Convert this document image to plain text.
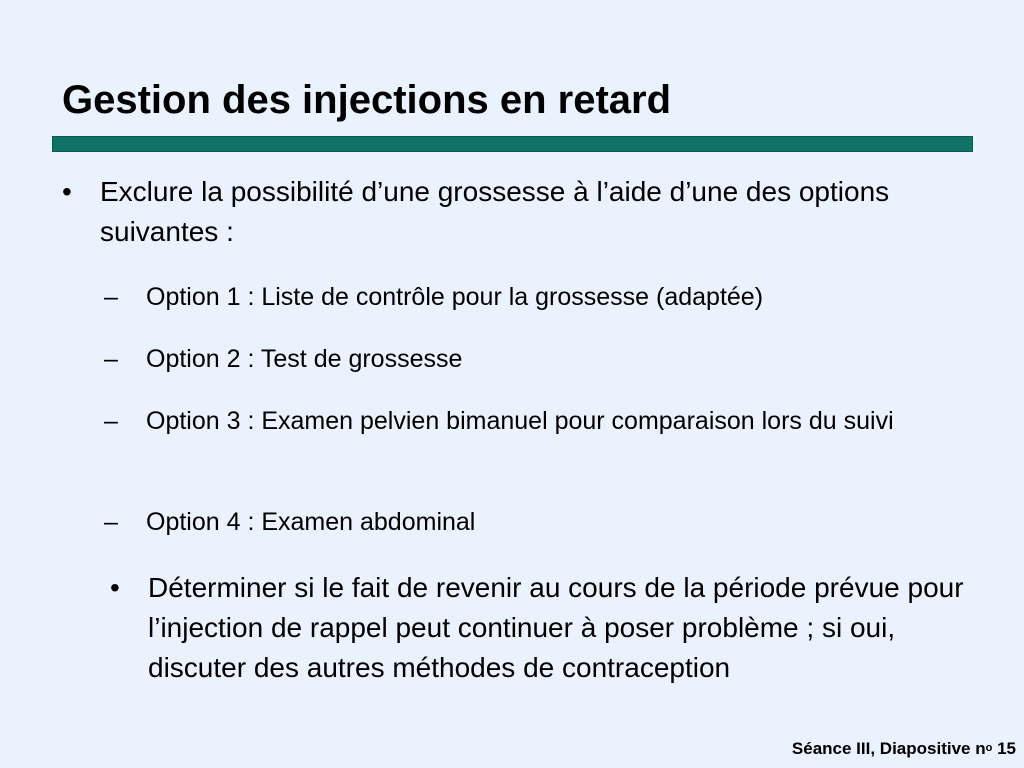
Gestion des injections en retard
• Exclure la possibilité d’une grossesse à l’aide d’une des options suivantes :
– Option 1 : Liste de contrôle pour la grossesse (adaptée)
– Option 2 : Test de grossesse
– Option 3 : Examen pelvien bimanuel pour comparaison lors du suivi
– Option 4 : Examen abdominal
• Déterminer si le fait de revenir au cours de la période prévue pour l’injection de rappel peut continuer à poser problème ; si oui, discuter des autres méthodes de contraception
Séance III, Diapositive $n^o$ 15
